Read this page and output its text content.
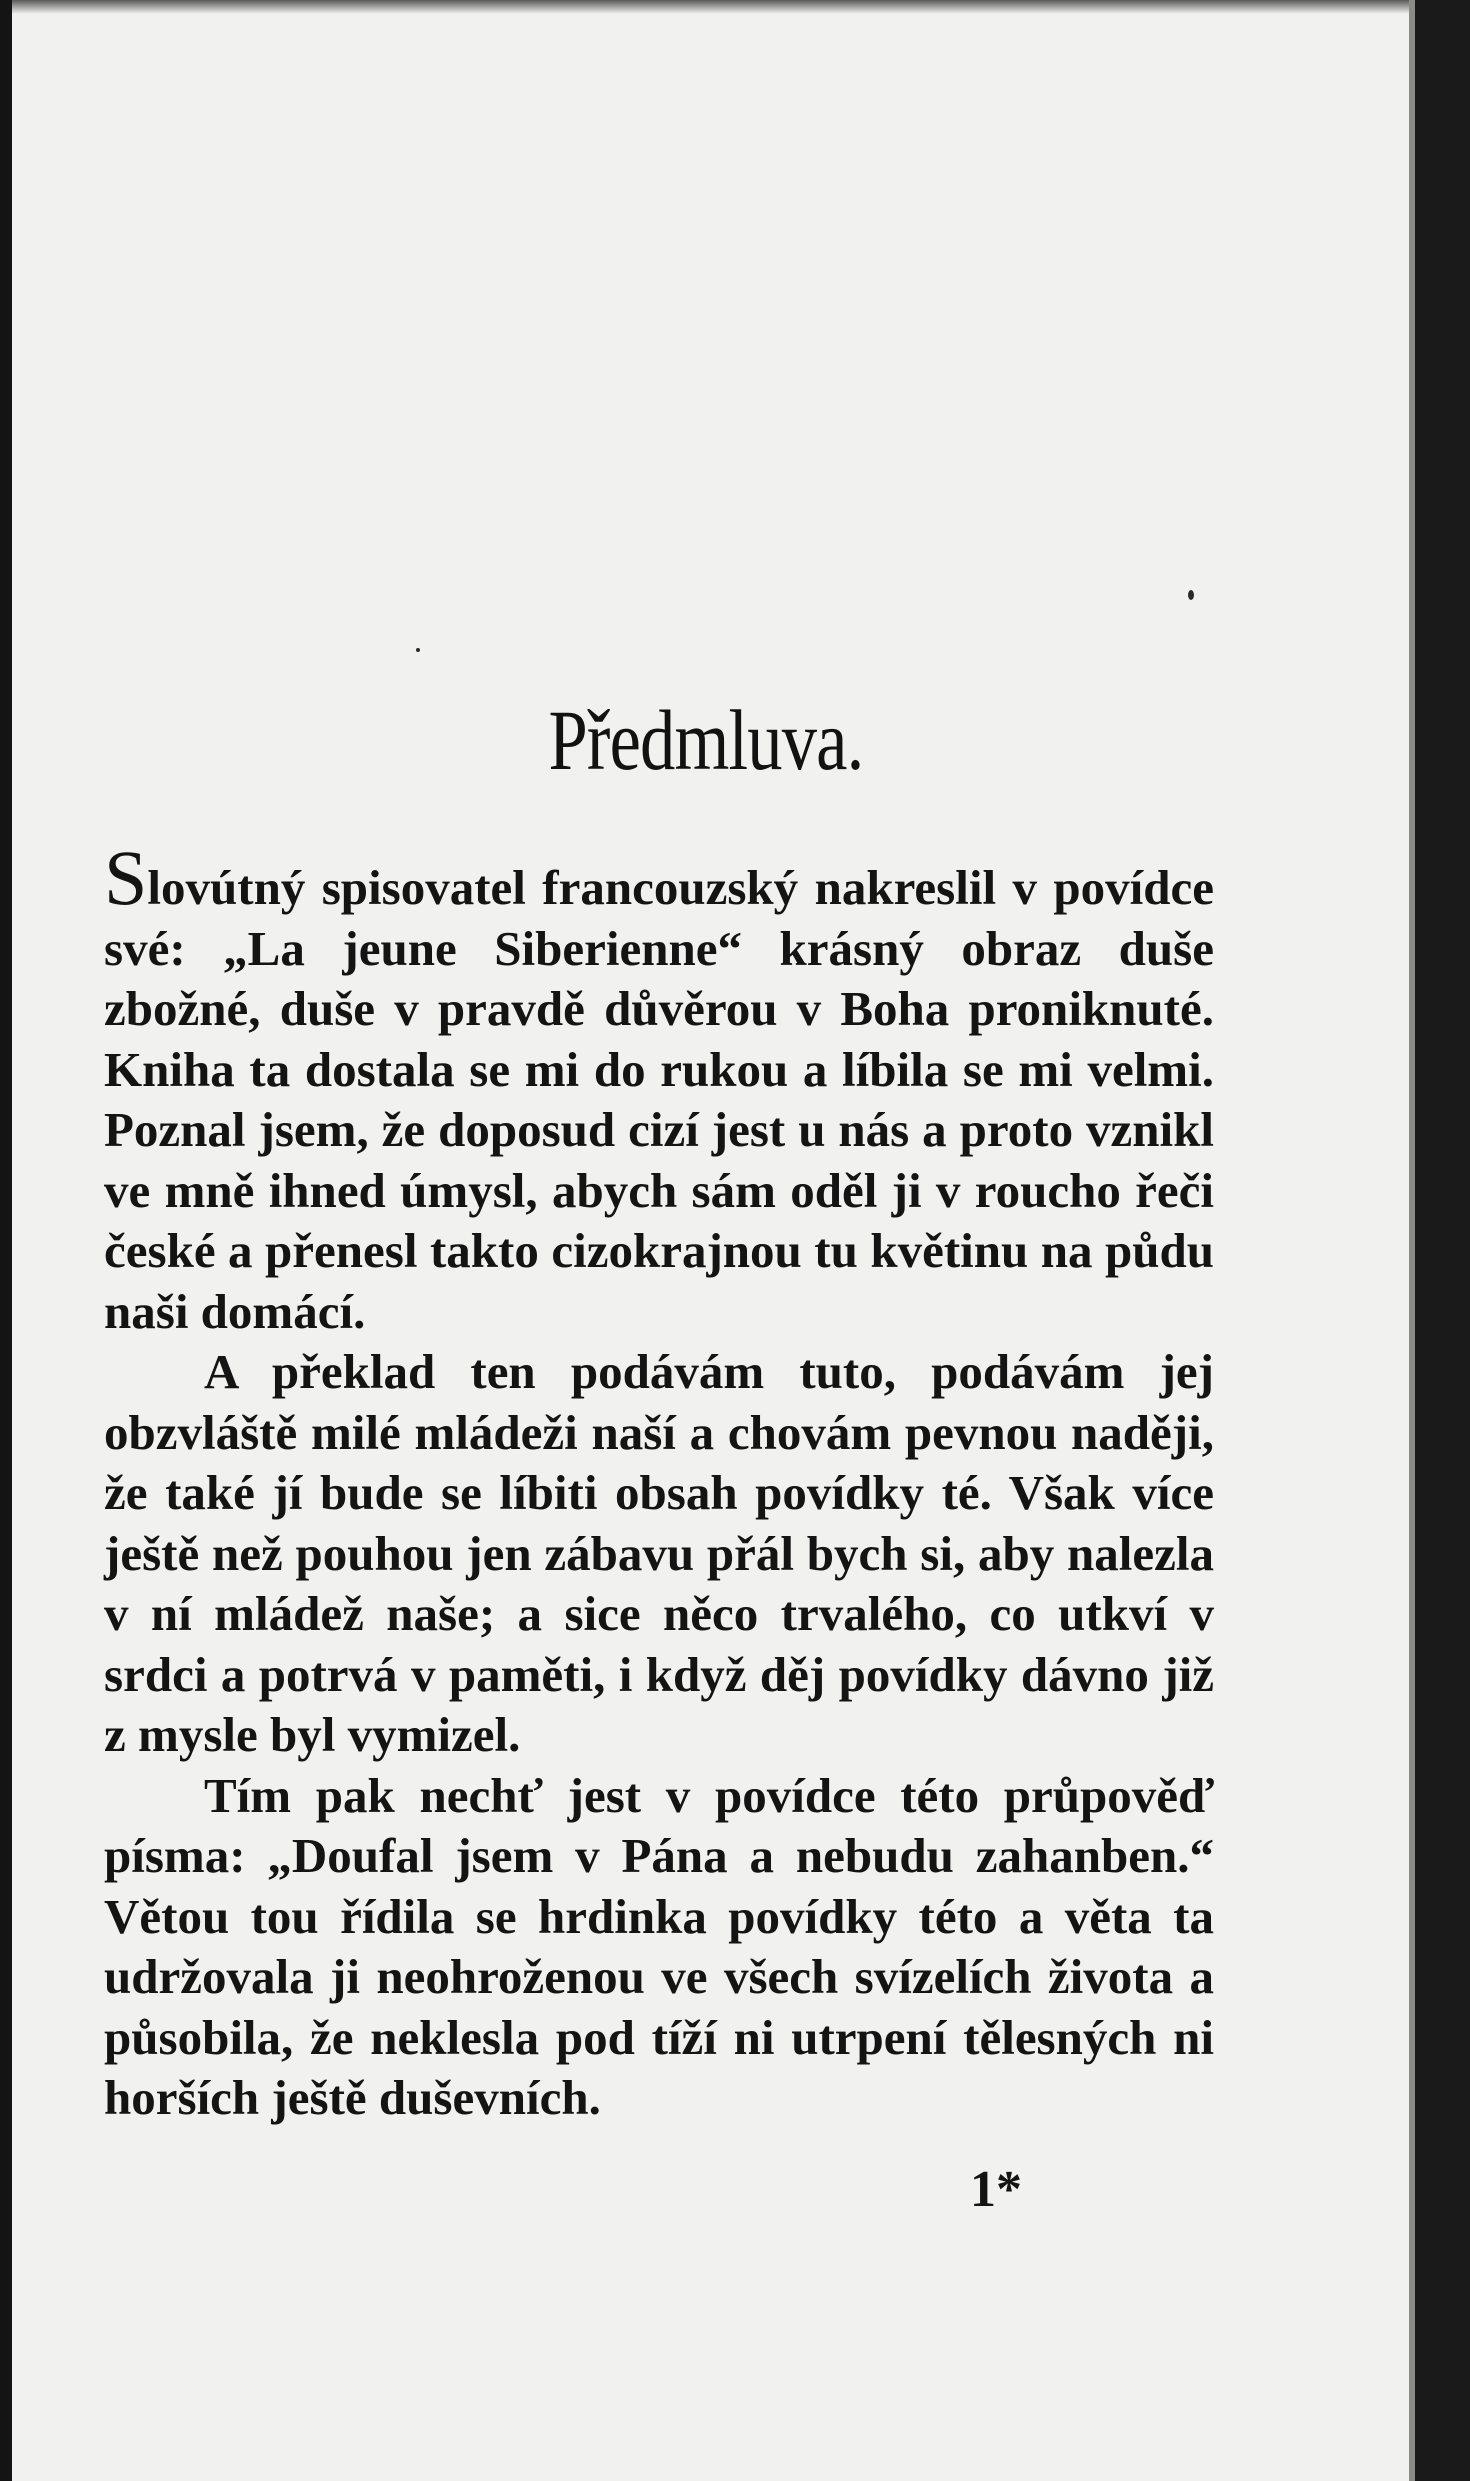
Předmluva.

Slovútný spisovatel francouzský nakreslil v povídce své: „La jeune Siberienne“ krásný obraz duše zbožné, duše v pravdě důvěrou v Boha proniknuté. Kniha ta dostala se mi do rukou a líbila se mi velmi. Poznal jsem, že doposud cizí jest u nás a proto vznikl ve mně ihned úmysl, abych sám oděl ji v roucho řeči české a přenesl takto cizokrajnou tu květinu na půdu naši domácí.

A překlad ten podávám tuto, podávám jej obzvláště milé mládeži naší a chovám pevnou naději, že také jí bude se líbiti obsah povídky té. Však více ještě než pouhou jen zábavu přál bych si, aby nalezla v ní mládež naše; a sice něco trvalého, co utkví v srdci a potrvá v paměti, i když děj povídky dávno již z mysle byl vymizel.

Tím pak nechť jest v povídce této průpověď písma: „Doufal jsem v Pána a nebudu zahanben.“ Větou tou řídila se hrdinka povídky této a věta ta udržovala ji neohroženou ve všech svízelích života a působila, že neklesla pod tíží ni utrpení tělesných ni horších ještě duševních.

1*
